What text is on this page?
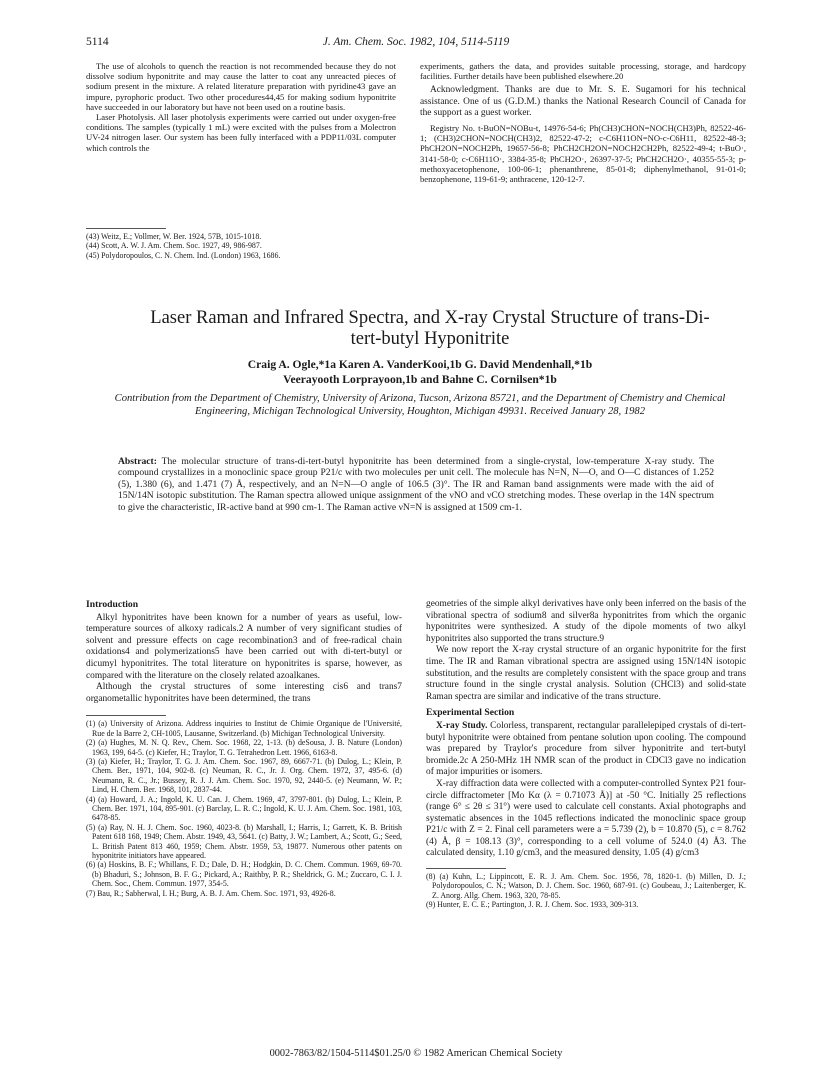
5114	J. Am. Chem. Soc. 1982, 104, 5114-5119

The use of alcohols to quench the reaction is not recommended because they do not dissolve sodium hyponitrite and may cause the latter to coat any unreacted pieces of sodium present in the mixture. A related literature preparation with pyridine43 gave an impure, pyrophoric product. Two other procedures44,45 for making sodium hyponitrite have succeeded in our laboratory but have not been used on a routine basis.

Laser Photolysis. All laser photolysis experiments were carried out under oxygen-free conditions. The samples (typically 1 mL) were excited with the pulses from a Molectron UV-24 nitrogen laser. Our system has been fully interfaced with a PDP11/03L computer which controls the

(43) Weitz, E.; Vollmer, W. Ber. 1924, 57B, 1015-1018.

(44) Scott, A. W. J. Am. Chem. Soc. 1927, 49, 986-987.

(45) Polydoropoulos, C. N. Chem. Ind. (London) 1963, 1686.

experiments, gathers the data, and provides suitable processing, storage, and hardcopy facilities. Further details have been published elsewhere.20

Acknowledgment. Thanks are due to Mr. S. E. Sugamori for his technical assistance. One of us (G.D.M.) thanks the National Research Council of Canada for the support as a guest worker.

Registry No. t-BuON=NOBu-t, 14976-54-6; Ph(CH3)CHON=NOCH(CH3)Ph, 82522-46-1; (CH3)2CHON=NOCH(CH3)2, 82522-47-2; c-C6H11ON=NO-c-C6H11, 82522-48-3; PhCH2ON=NOCH2Ph, 19657-56-8; PhCH2CH2ON=NOCH2CH2Ph, 82522-49-4; t-BuO·, 3141-58-0; c-C6H11O·, 3384-35-8; PhCH2O·, 26397-37-5; PhCH2CH2O·, 40355-55-3; p-methoxyacetophenone, 100-06-1; phenanthrene, 85-01-8; diphenylmethanol, 91-01-0; benzophenone, 119-61-9; anthracene, 120-12-7.

Laser Raman and Infrared Spectra, and X-ray Crystal Structure of trans-Di-tert-butyl Hyponitrite
Craig A. Ogle,*1a Karen A. VanderKooi,1b G. David Mendenhall,*1b
Veerayooth Lorprayoon,1b and Bahne C. Cornilsen*1b
Contribution from the Department of Chemistry, University of Arizona, Tucson, Arizona 85721, and the Department of Chemistry and Chemical Engineering, Michigan Technological University, Houghton, Michigan 49931. Received January 28, 1982
Abstract: The molecular structure of trans-di-tert-butyl hyponitrite has been determined from a single-crystal, low-temperature X-ray study. The compound crystallizes in a monoclinic space group P21/c with two molecules per unit cell. The molecule has N=N, N—O, and O—C distances of 1.252 (5), 1.380 (6), and 1.471 (7) Å, respectively, and an N=N—O angle of 106.5 (3)°. The IR and Raman band assignments were made with the aid of 15N/14N isotopic substitution. The Raman spectra allowed unique assignment of the νNO and νCO stretching modes. These overlap in the 14N spectrum to give the characteristic, IR-active band at 990 cm-1. The Raman active νN=N is assigned at 1509 cm-1.
Introduction

Alkyl hyponitrites have been known for a number of years as useful, low-temperature sources of alkoxy radicals.2 A number of very significant studies of solvent and pressure effects on cage recombination3 and of free-radical chain oxidations4 and polymerizations5 have been carried out with di-tert-butyl or dicumyl hyponitrites. The total literature on hyponitrites is sparse, however, as compared with the literature on the closely related azoalkanes.

Although the crystal structures of some interesting cis6 and trans7 organometallic hyponitrites have been determined, the trans

(1) (a) University of Arizona. Address inquiries to Institut de Chimie Organique de l'Université, Rue de la Barre 2, CH-1005, Lausanne, Switzerland. (b) Michigan Technological University.

(2) (a) Hughes, M. N. Q. Rev., Chem. Soc. 1968, 22, 1-13. (b) deSousa, J. B. Nature (London) 1963, 199, 64-5. (c) Kiefer, H.; Traylor, T. G. Tetrahedron Lett. 1966, 6163-8.

(3) (a) Kiefer, H.; Traylor, T. G. J. Am. Chem. Soc. 1967, 89, 6667-71. (b) Dulog, L.; Klein, P. Chem. Ber., 1971, 104, 902-8. (c) Neuman, R. C., Jr. J. Org. Chem. 1972, 37, 495-6. (d) Neumann, R. C., Jr.; Bussey, R. J. J. Am. Chem. Soc. 1970, 92, 2440-5. (e) Neumann, W. P.; Lind, H. Chem. Ber. 1968, 101, 2837-44.

(4) (a) Howard, J. A.; Ingold, K. U. Can. J. Chem. 1969, 47, 3797-801. (b) Dulog, L.; Klein, P. Chem. Ber. 1971, 104, 895-901. (c) Barclay, L. R. C.; Ingold, K. U. J. Am. Chem. Soc. 1981, 103, 6478-85.

(5) (a) Ray, N. H. J. Chem. Soc. 1960, 4023-8. (b) Marshall, I.; Harris, I.; Garrett, K. B. British Patent 618 168, 1949; Chem. Abstr. 1949, 43, 5641. (c) Batty, J. W.; Lambert, A.; Scott, G.; Seed, L. British Patent 813 460, 1959; Chem. Abstr. 1959, 53, 19877. Numerous other patents on hyponitrite initiators have appeared.

(6) (a) Hoskins, B. F.; Whillans, F. D.; Dale, D. H.; Hodgkin, D. C. Chem. Commun. 1969, 69-70. (b) Bhaduri, S.; Johnson, B. F. G.; Pickard, A.; Raithby, P. R.; Sheldrick, G. M.; Zuccaro, C. I. J. Chem. Soc., Chem. Commun. 1977, 354-5.

(7) Bau, R.; Sabherwal, I. H.; Burg, A. B. J. Am. Chem. Soc. 1971, 93, 4926-8.

geometries of the simple alkyl derivatives have only been inferred on the basis of the vibrational spectra of sodium8 and silver8a hyponitrites from which the organic hyponitrites were synthesized. A study of the dipole moments of two alkyl hyponitrites also supported the trans structure.9

We now report the X-ray crystal structure of an organic hyponitrite for the first time. The IR and Raman vibrational spectra are assigned using 15N/14N isotopic substitution, and the results are completely consistent with the space group and trans structure found in the single crystal analysis. Solution (CHCl3) and solid-state Raman spectra are similar and indicative of the trans structure.

Experimental Section

X-ray Study. Colorless, transparent, rectangular parallelepiped crystals of di-tert-butyl hyponitrite were obtained from pentane solution upon cooling. The compound was prepared by Traylor's procedure from silver hyponitrite and tert-butyl bromide.2c A 250-MHz 1H NMR scan of the product in CDCl3 gave no indication of major impurities or isomers.

X-ray diffraction data were collected with a computer-controlled Syntex P21 four-circle diffractometer [Mo Kα (λ = 0.71073 Å)] at -50 °C. Initially 25 reflections (range 6° ≤ 2θ ≤ 31°) were used to calculate cell constants. Axial photographs and systematic absences in the 1045 reflections indicated the monoclinic space group P21/c with Z = 2. Final cell parameters were a = 5.739 (2), b = 10.870 (5), c = 8.762 (4) Å, β = 108.13 (3)°, corresponding to a cell volume of 524.0 (4) Å3. The calculated density, 1.10 g/cm3, and the measured density, 1.05 (4) g/cm3

(8) (a) Kuhn, L.; Lippincott, E. R. J. Am. Chem. Soc. 1956, 78, 1820-1. (b) Millen, D. J.; Polydoropoulos, C. N.; Watson, D. J. Chem. Soc. 1960, 687-91. (c) Goubeau, J.; Laitenberger, K. Z. Anorg. Allg. Chem. 1963, 320, 78-85.

(9) Hunter, E. C. E.; Partington, J. R. J. Chem. Soc. 1933, 309-313.

0002-7863/82/1504-5114$01.25/0 © 1982 American Chemical Society
